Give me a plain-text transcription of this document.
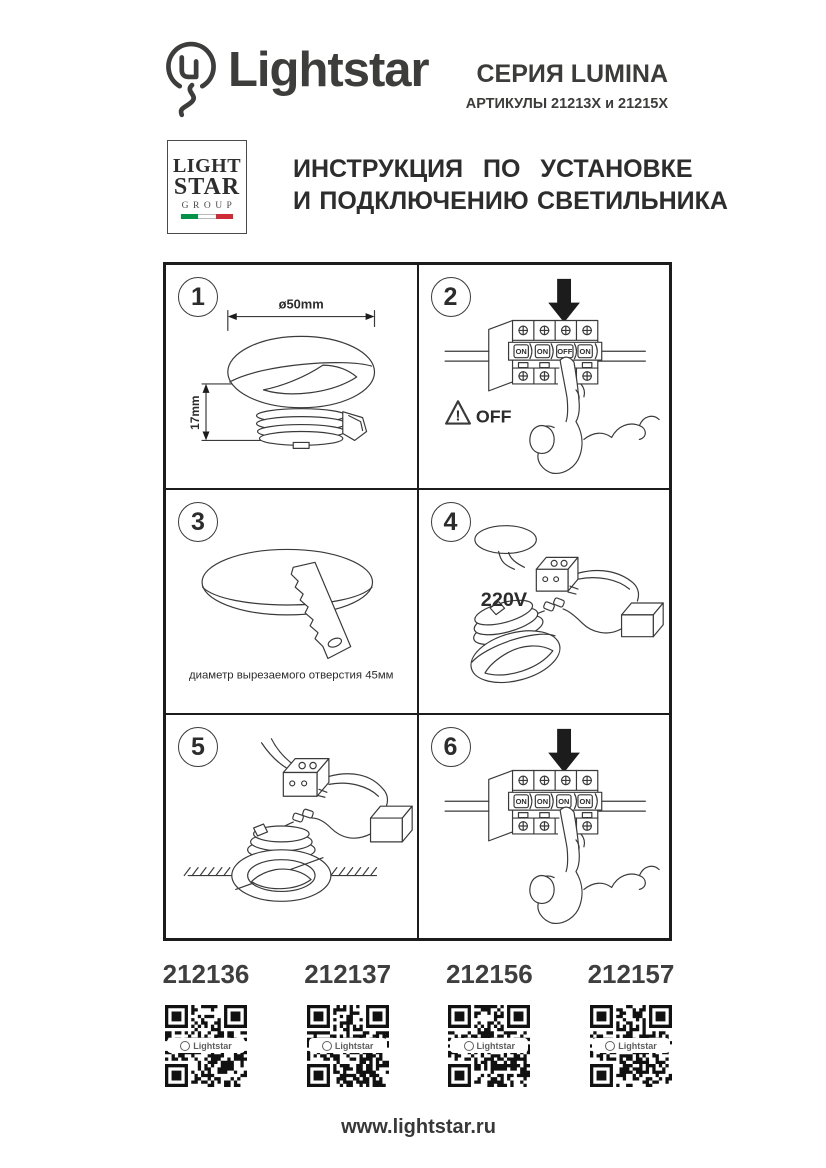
Lightstar	СЕРИЯ LUMINA
АРТИКУЛЫ 21213X и 21215X
LIGHT
STAR
GROUP
ИНСТРУКЦИЯ ПО УСТАНОВКЕ
И ПОДКЛЮЧЕНИЮ СВЕТИЛЬНИКА
1	ø50mm
17mm
2
! OFF
ON ON OFF ON
3
диаметр вырезаемого отверстия 45мм
4
220V
5	6
ON ON ON ON
212136
Lightstar
212137
Lightstar
212156
Lightstar
212157
Lightstar
www.lightstar.ru
